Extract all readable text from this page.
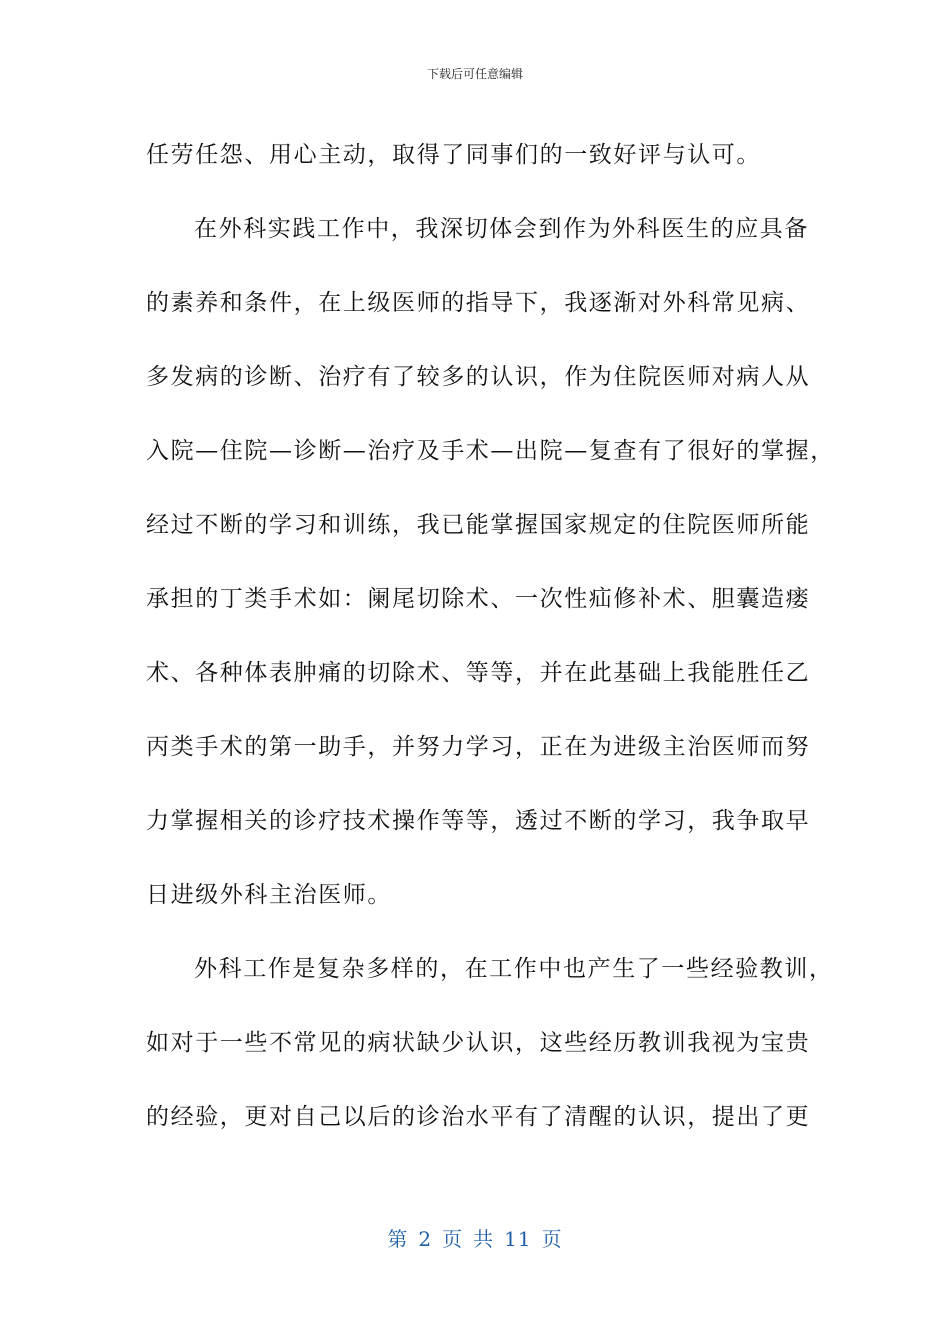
下载后可任意编辑
任劳任怨、用心主动，取得了同事们的一致好评与认可。
在外科实践工作中，我深切体会到作为外科医生的应具备
的素养和条件，在上级医师的指导下，我逐渐对外科常见病、
多发病的诊断、治疗有了较多的认识，作为住院医师对病人从
入院—住院—诊断—治疗及手术—出院—复查有了很好的掌握，
经过不断的学习和训练，我已能掌握国家规定的住院医师所能
承担的丁类手术如：阑尾切除术、一次性疝修补术、胆囊造瘘
术、各种体表肿痛的切除术、等等，并在此基础上我能胜任乙
丙类手术的第一助手，并努力学习，正在为进级主治医师而努
力掌握相关的诊疗技术操作等等，透过不断的学习，我争取早
日进级外科主治医师。
外科工作是复杂多样的，在工作中也产生了一些经验教训，
如对于一些不常见的病状缺少认识，这些经历教训我视为宝贵
的经验，更对自己以后的诊治水平有了清醒的认识，提出了更
第 2 页 共 11 页
